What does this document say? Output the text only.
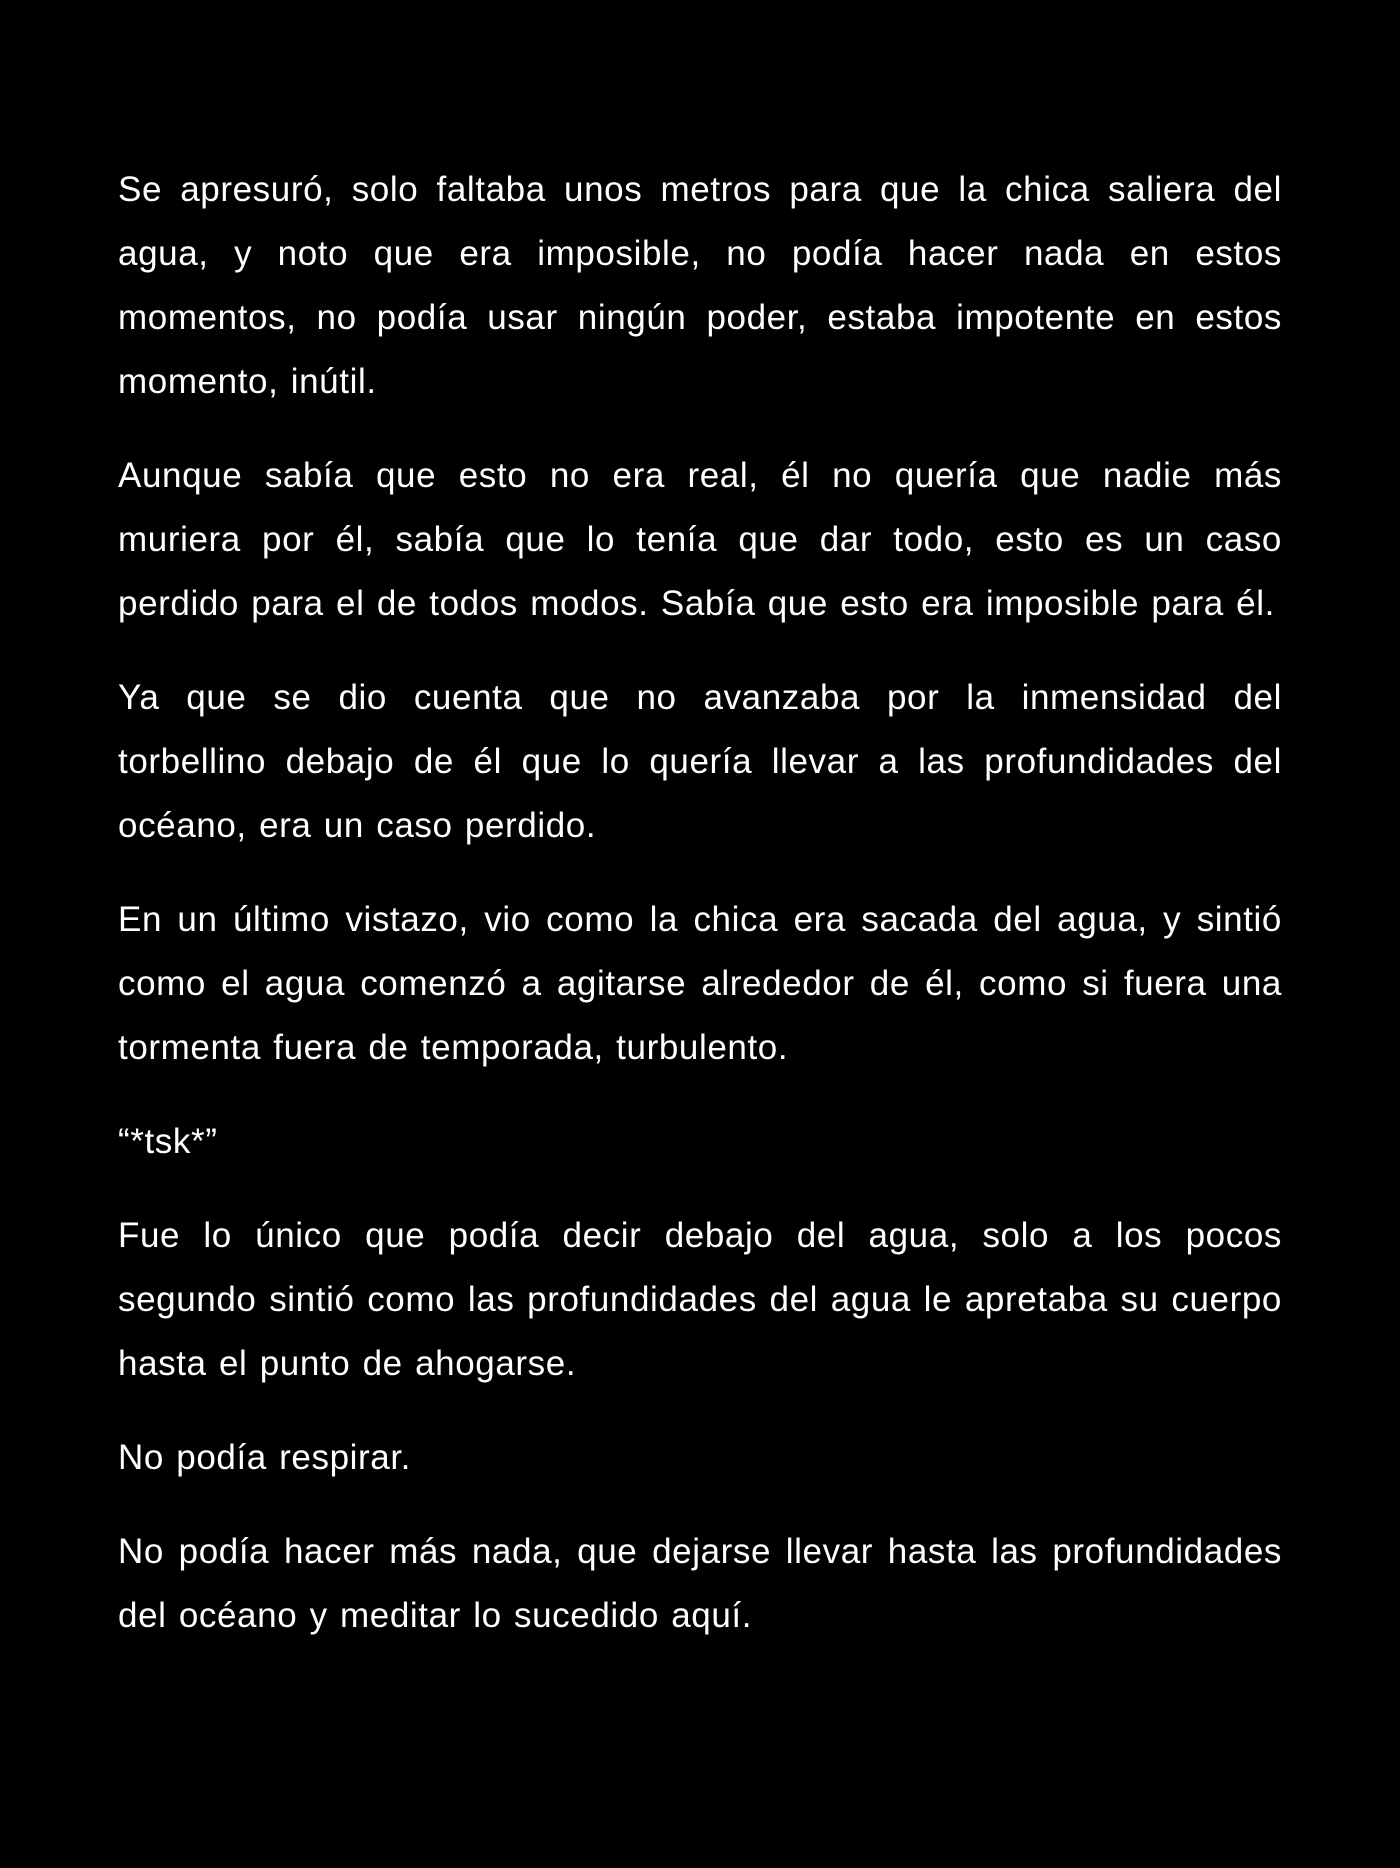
Se apresuró, solo faltaba unos metros para que la chica saliera del agua, y noto que era imposible, no podía hacer nada en estos momentos, no podía usar ningún poder, estaba impotente en estos momento, inútil.

Aunque sabía que esto no era real, él no quería que nadie más muriera por él, sabía que lo tenía que dar todo, esto es un caso perdido para el de todos modos. Sabía que esto era imposible para él.

Ya que se dio cuenta que no avanzaba por la inmensidad del torbellino debajo de él que lo quería llevar a las profundidades del océano, era un caso perdido.

En un último vistazo, vio como la chica era sacada del agua, y sintió como el agua comenzó a agitarse alrededor de él, como si fuera una tormenta fuera de temporada, turbulento.

“*tsk*”

Fue lo único que podía decir debajo del agua, solo a los pocos segundo sintió como las profundidades del agua le apretaba su cuerpo hasta el punto de ahogarse.

No podía respirar.

No podía hacer más nada, que dejarse llevar hasta las profundidades del océano y meditar lo sucedido aquí.
